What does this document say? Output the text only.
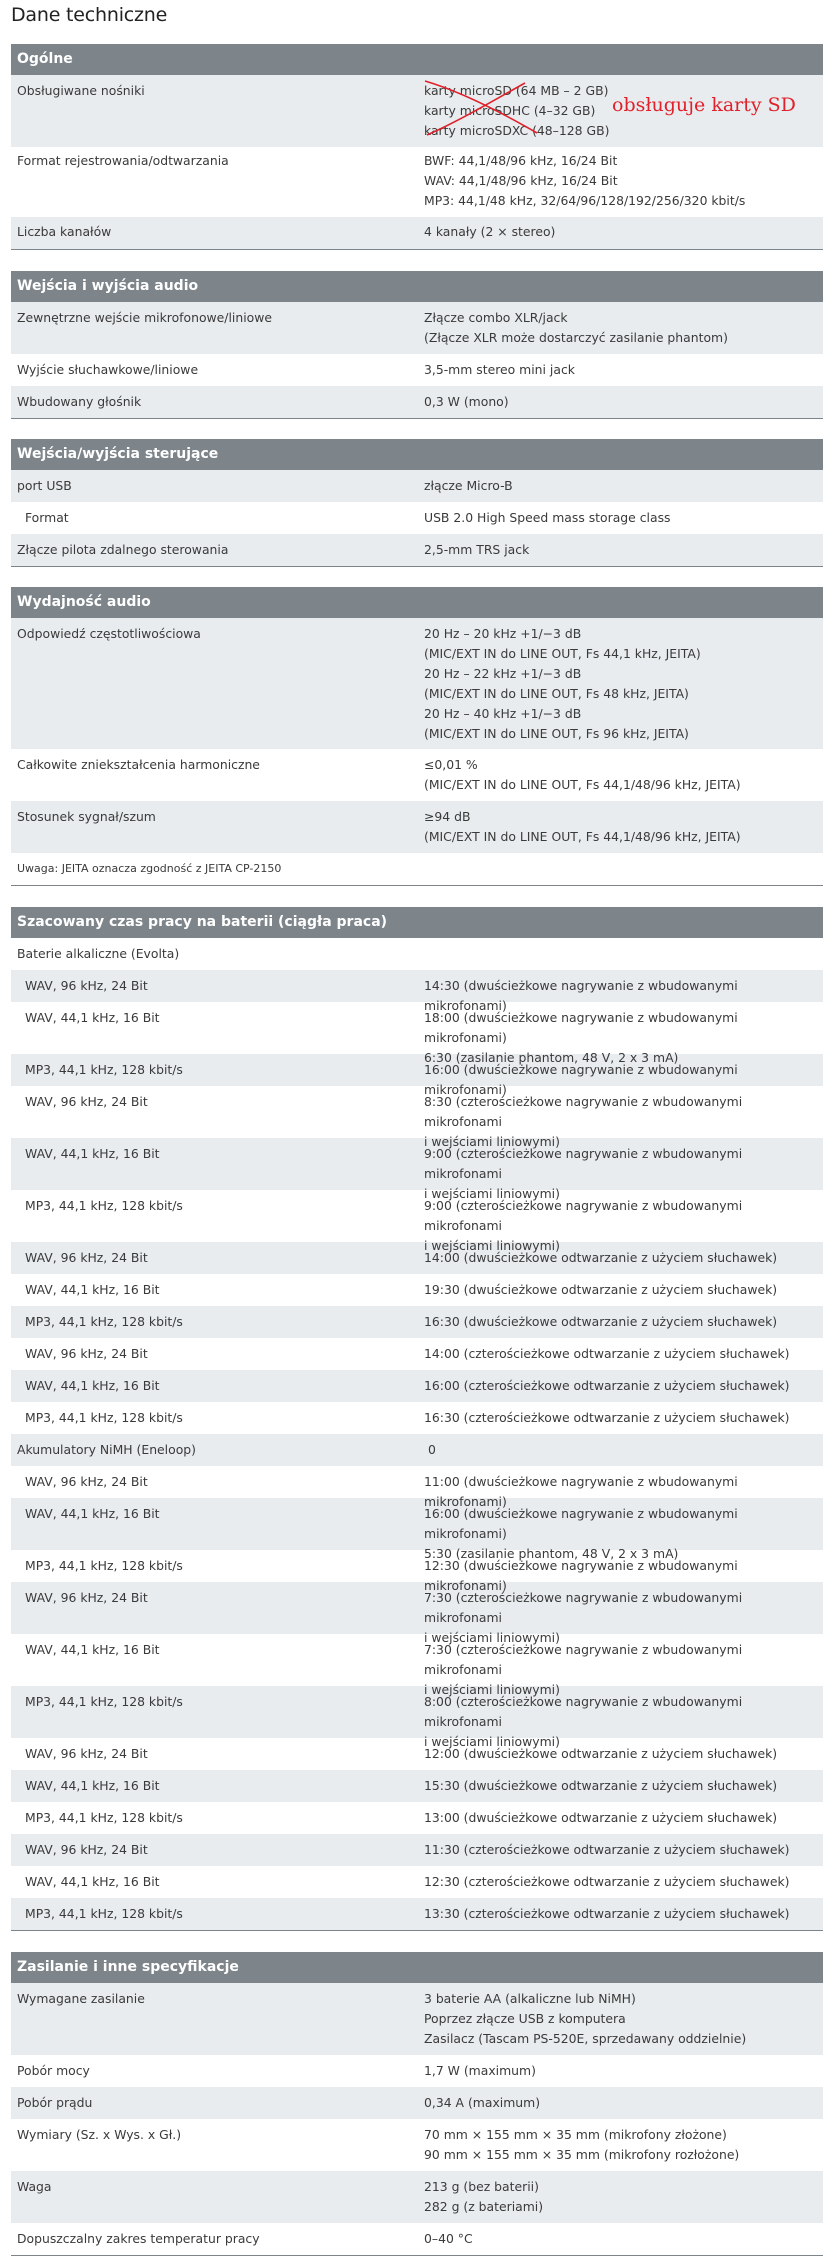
Dane techniczne
Ogólne
Obsługiwane nośniki	karty microSD (64 MB – 2 GB)
karty microSDHC (4–32 GB)
karty microSDXC (48–128 GB)
Format rejestrowania/odtwarzania	BWF: 44,1/48/96 kHz, 16/24 Bit
WAV: 44,1/48/96 kHz, 16/24 Bit
MP3: 44,1/48 kHz, 32/64/96/128/192/256/320 kbit/s
Liczba kanałów	4 kanały (2 × stereo)
Wejścia i wyjścia audio
Zewnętrzne wejście mikrofonowe/liniowe	Złącze combo XLR/jack
(Złącze XLR może dostarczyć zasilanie phantom)
Wyjście słuchawkowe/liniowe	3,5-mm stereo mini jack
Wbudowany głośnik	0,3 W (mono)
Wejścia/wyjścia sterujące
port USB	złącze Micro-B
Format	USB 2.0 High Speed mass storage class
Złącze pilota zdalnego sterowania	2,5-mm TRS jack
Wydajność audio
Odpowiedź częstotliwościowa	20 Hz – 20 kHz +1/−3 dB
(MIC/EXT IN do LINE OUT, Fs 44,1 kHz, JEITA)
20 Hz – 22 kHz +1/−3 dB
(MIC/EXT IN do LINE OUT, Fs 48 kHz, JEITA)
20 Hz – 40 kHz +1/−3 dB
(MIC/EXT IN do LINE OUT, Fs 96 kHz, JEITA)
Całkowite zniekształcenia harmoniczne	≤0,01 %
(MIC/EXT IN do LINE OUT, Fs 44,1/48/96 kHz, JEITA)
Stosunek sygnał/szum	≥94 dB
(MIC/EXT IN do LINE OUT, Fs 44,1/48/96 kHz, JEITA)
Uwaga: JEITA oznacza zgodność z JEITA CP-2150
Szacowany czas pracy na baterii (ciągła praca)
Baterie alkaliczne (Evolta)
WAV, 96 kHz, 24 Bit	14:30 (dwuścieżkowe nagrywanie z wbudowanymi mikrofonami)
WAV, 44,1 kHz, 16 Bit	18:00 (dwuścieżkowe nagrywanie z wbudowanymi mikrofonami)
6:30 (zasilanie phantom, 48 V, 2 x 3 mA)
MP3, 44,1 kHz, 128 kbit/s	16:00 (dwuścieżkowe nagrywanie z wbudowanymi mikrofonami)
WAV, 96 kHz, 24 Bit	8:30 (czterościeżkowe nagrywanie z wbudowanymi mikrofonami
i wejściami liniowymi)
WAV, 44,1 kHz, 16 Bit	9:00 (czterościeżkowe nagrywanie z wbudowanymi mikrofonami
i wejściami liniowymi)
MP3, 44,1 kHz, 128 kbit/s	9:00 (czterościeżkowe nagrywanie z wbudowanymi mikrofonami
i wejściami liniowymi)
WAV, 96 kHz, 24 Bit	14:00 (dwuścieżkowe odtwarzanie z użyciem słuchawek)
WAV, 44,1 kHz, 16 Bit	19:30 (dwuścieżkowe odtwarzanie z użyciem słuchawek)
MP3, 44,1 kHz, 128 kbit/s	16:30 (dwuścieżkowe odtwarzanie z użyciem słuchawek)
WAV, 96 kHz, 24 Bit	14:00 (czterościeżkowe odtwarzanie z użyciem słuchawek)
WAV, 44,1 kHz, 16 Bit	16:00 (czterościeżkowe odtwarzanie z użyciem słuchawek)
MP3, 44,1 kHz, 128 kbit/s	16:30 (czterościeżkowe odtwarzanie z użyciem słuchawek)
Akumulatory NiMH (Eneloop)	0
WAV, 96 kHz, 24 Bit	11:00 (dwuścieżkowe nagrywanie z wbudowanymi mikrofonami)
WAV, 44,1 kHz, 16 Bit	16:00 (dwuścieżkowe nagrywanie z wbudowanymi mikrofonami)
5:30 (zasilanie phantom, 48 V, 2 x 3 mA)
MP3, 44,1 kHz, 128 kbit/s	12:30 (dwuścieżkowe nagrywanie z wbudowanymi mikrofonami)
WAV, 96 kHz, 24 Bit	7:30 (czterościeżkowe nagrywanie z wbudowanymi mikrofonami
i wejściami liniowymi)
WAV, 44,1 kHz, 16 Bit	7:30 (czterościeżkowe nagrywanie z wbudowanymi mikrofonami
i wejściami liniowymi)
MP3, 44,1 kHz, 128 kbit/s	8:00 (czterościeżkowe nagrywanie z wbudowanymi mikrofonami
i wejściami liniowymi)
WAV, 96 kHz, 24 Bit	12:00 (dwuścieżkowe odtwarzanie z użyciem słuchawek)
WAV, 44,1 kHz, 16 Bit	15:30 (dwuścieżkowe odtwarzanie z użyciem słuchawek)
MP3, 44,1 kHz, 128 kbit/s	13:00 (dwuścieżkowe odtwarzanie z użyciem słuchawek)
WAV, 96 kHz, 24 Bit	11:30 (czterościeżkowe odtwarzanie z użyciem słuchawek)
WAV, 44,1 kHz, 16 Bit	12:30 (czterościeżkowe odtwarzanie z użyciem słuchawek)
MP3, 44,1 kHz, 128 kbit/s	13:30 (czterościeżkowe odtwarzanie z użyciem słuchawek)
Zasilanie i inne specyfikacje
Wymagane zasilanie	3 baterie AA (alkaliczne lub NiMH)
Poprzez złącze USB z komputera
Zasilacz (Tascam PS-520E, sprzedawany oddzielnie)
Pobór mocy	1,7 W (maximum)
Pobór prądu	0,34 A (maximum)
Wymiary (Sz. x Wys. x Gł.)	70 mm × 155 mm × 35 mm (mikrofony złożone)
90 mm × 155 mm × 35 mm (mikrofony rozłożone)
Waga	213 g (bez baterii)
282 g (z bateriami)
Dopuszczalny zakres temperatur pracy	0–40 °C
obsługuje karty SD
